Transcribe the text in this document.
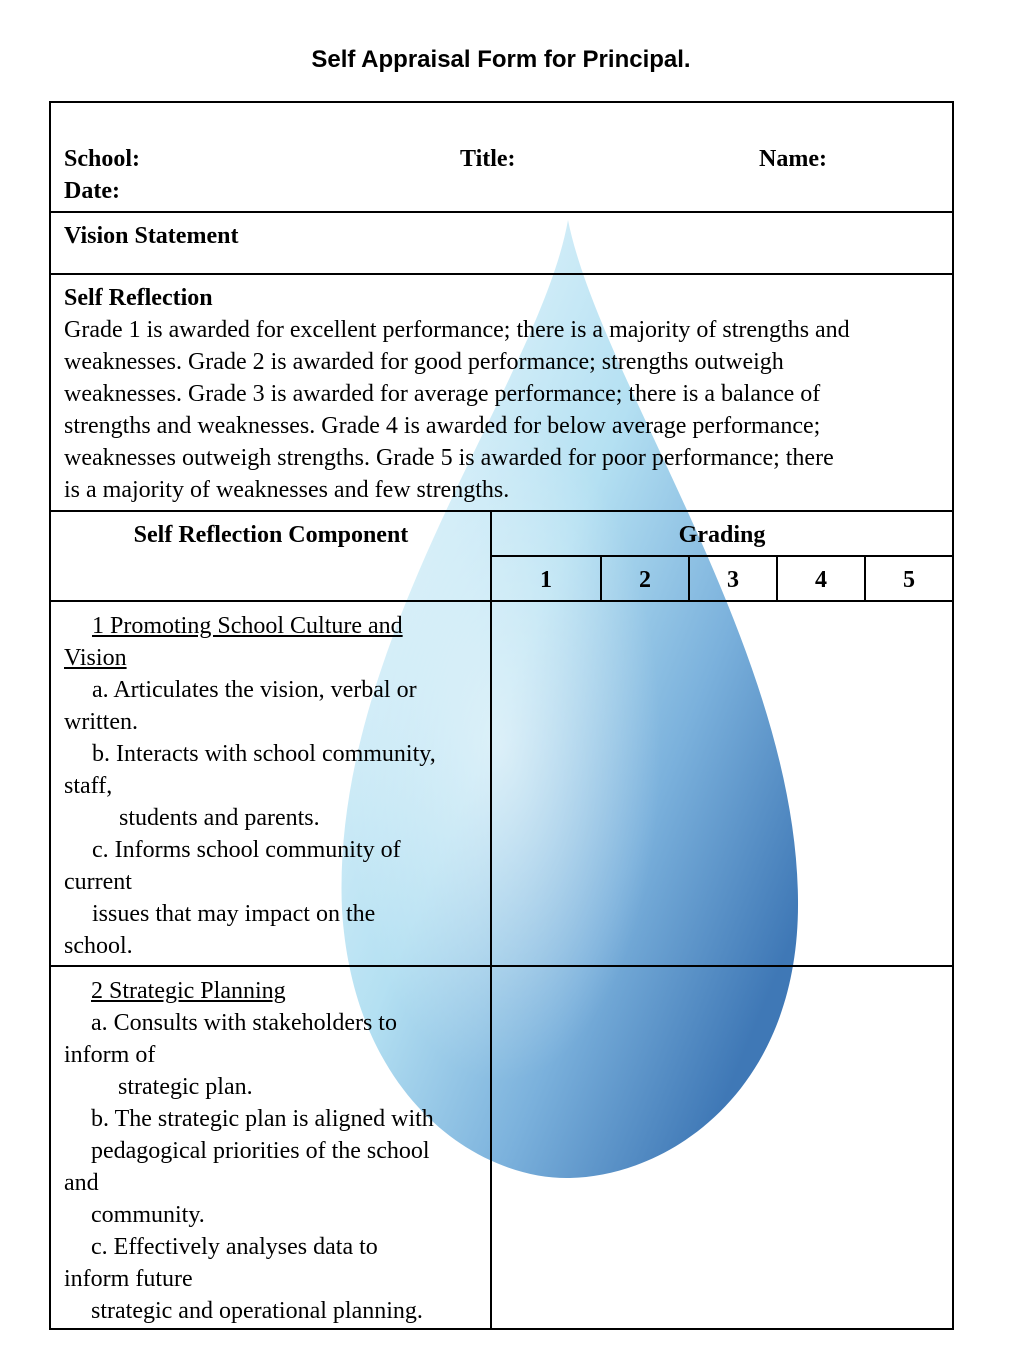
Self Appraisal Form for Principal.
School:	Title:	Name:
Date:
Vision Statement
Self Reflection
Grade 1 is awarded for excellent performance; there is a majority of strengths and
weaknesses. Grade 2 is awarded for good performance; strengths outweigh
weaknesses. Grade 3 is awarded for average performance; there is a balance of
strengths and weaknesses. Grade 4 is awarded for below average performance;
weaknesses outweigh strengths. Grade 5 is awarded for poor performance; there
is a majority of weaknesses and few strengths.
Self Reflection Component	Grading
1	2	3	4	5
1 Promoting School Culture and
Vision
a. Articulates the vision, verbal or
written.
b. Interacts with school community,
staff,
students and parents.
c. Informs school community of
current
issues that may impact on the
school.
2 Strategic Planning
a. Consults with stakeholders to
inform of
strategic plan.
b. The strategic plan is aligned with
pedagogical priorities of the school
and
community.
c. Effectively analyses data to
inform future
strategic and operational planning.
